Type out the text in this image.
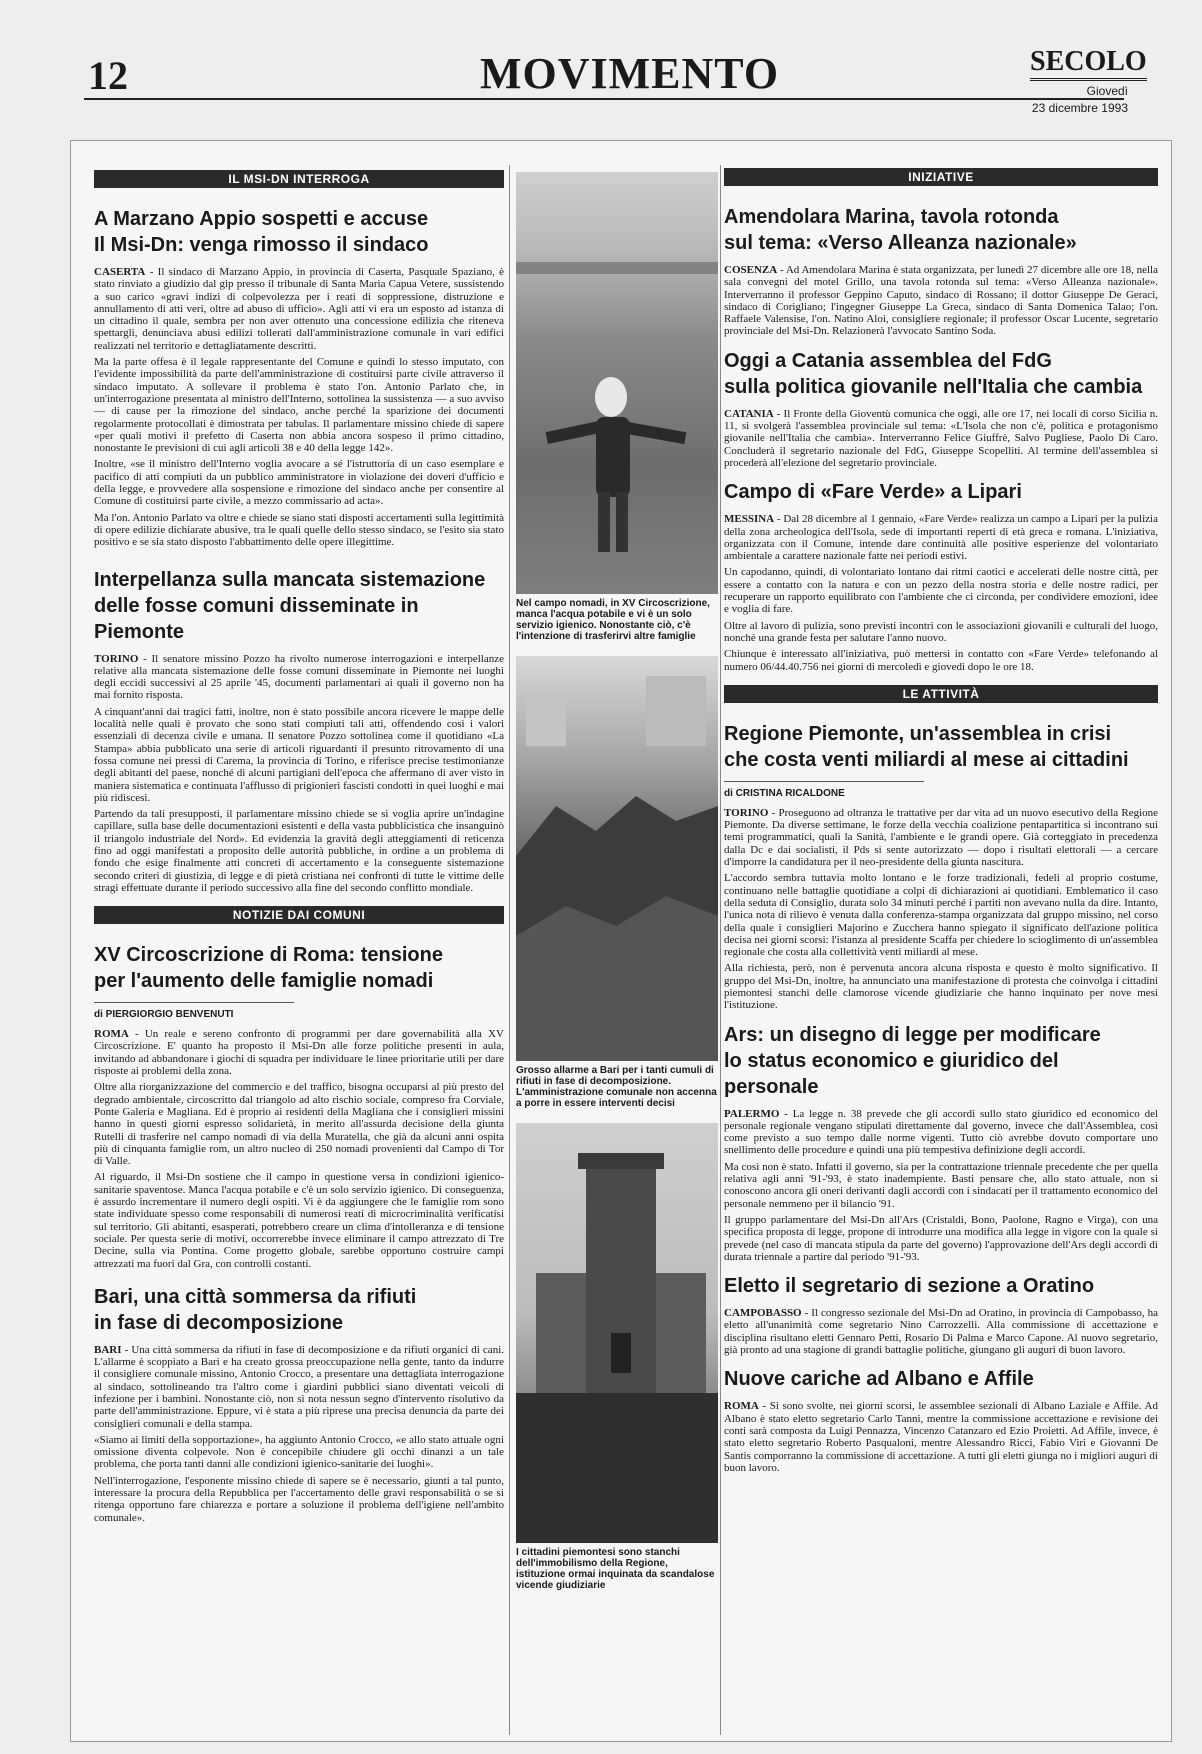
12	MOVIMENTO	SECOLO
Giovedì
23 dicembre 1993
IL MSI-DN INTERROGA
A Marzano Appio sospetti e accuse
Il Msi-Dn: venga rimosso il sindaco

CASERTA - Il sindaco di Marzano Appio, in provincia di Caserta, Pasquale Spaziano, è stato rinviato a giudizio dal gip presso il tribunale di Santa Maria Capua Vetere, sussistendo a suo carico «gravi indizi di colpevolezza per i reati di soppressione, distruzione e annullamento di atti veri, oltre ad abuso di ufficio». Agli atti vi era un esposto ad istanza di un cittadino il quale, sembra per non aver ottenuto una concessione edilizia che riteneva spettargli, denunciava abusi edilizi tollerati dall'amministrazione comunale in vari edifici realizzati nel territorio e dettagliatamente descritti.

Ma la parte offesa è il legale rappresentante del Comune e quindi lo stesso imputato, con l'evidente impossibilità da parte dell'amministrazione di costituirsi parte civile attraverso il sindaco imputato. A sollevare il problema è stato l'on. Antonio Parlato che, in un'interrogazione presentata al ministro dell'Interno, sottolinea la sussistenza — a suo avviso — di cause per la rimozione del sindaco, anche perché la sparizione dei documenti regolarmente protocollati è dimostrata per tabulas. Il parlamentare missino chiede di sapere «per quali motivi il prefetto di Caserta non abbia ancora sospeso il primo cittadino, nonostante le previsioni di cui agli articoli 38 e 40 della legge 142».

Inoltre, «se il ministro dell'Interno voglia avocare a sé l'istruttoria di un caso esemplare e pacifico di atti compiuti da un pubblico amministratore in violazione dei doveri d'ufficio e della legge, e provvedere alla sospensione e rimozione del sindaco anche per consentire al Comune di costituirsi parte civile, a mezzo commissario ad acta».

Ma l'on. Antonio Parlato va oltre e chiede se siano stati disposti accertamenti sulla legittimità di opere edilizie dichiarate abusive, tra le quali quelle dello stesso sindaco, se l'esito sia stato positivo e se sia stato disposto l'abbattimento delle opere illegittime.

Interpellanza sulla mancata sistemazione
delle fosse comuni disseminate in Piemonte

TORINO - Il senatore missino Pozzo ha rivolto numerose interrogazioni e interpellanze relative alla mancata sistemazione delle fosse comuni disseminate in Piemonte nei luoghi degli eccidi successivi al 25 aprile '45, documenti parlamentari ai quali il governo non ha mai fornito risposta.

A cinquant'anni dai tragici fatti, inoltre, non è stato possibile ancora ricevere le mappe delle località nelle quali è provato che sono stati compiuti tali atti, offendendo così i valori essenziali di decenza civile e umana. Il senatore Pozzo sottolinea come il quotidiano «La Stampa» abbia pubblicato una serie di articoli riguardanti il presunto ritrovamento di una fossa comune nei pressi di Carema, la provincia di Torino, e riferisce precise testimonianze degli abitanti del paese, nonché di alcuni partigiani dell'epoca che affermano di aver visto in maniera sistematica e continuata l'afflusso di prigionieri fascisti condotti in quei luoghi e mai più ridiscesi.

Partendo da tali presupposti, il parlamentare missino chiede se si voglia aprire un'indagine capillare, sulla base delle documentazioni esistenti e della vasta pubblicistica che insanguinò il triangolo industriale del Nord». Ed evidenzia la gravità degli atteggiamenti di reticenza fino ad oggi manifestati a proposito delle autorità pubbliche, in ordine a un problema di fondo che esige finalmente atti concreti di accertamento e la conseguente sistemazione secondo criteri di giustizia, di legge e di pietà cristiana nei confronti di tutte le vittime delle stragi effettuate durante il periodo successivo alla fine del secondo conflitto mondiale.

NOTIZIE DAI COMUNI
XV Circoscrizione di Roma: tensione
per l'aumento delle famiglie nomadi
di PIERGIORGIO BENVENUTI

ROMA - Un reale e sereno confronto di programmi per dare governabilità alla XV Circoscrizione. E' quanto ha proposto il Msi-Dn alle forze politiche presenti in aula, invitando ad abbandonare i giochi di squadra per individuare le linee prioritarie utili per dare risposte ai problemi della zona.

Oltre alla riorganizzazione del commercio e del traffico, bisogna occuparsi al più presto del degrado ambientale, circoscritto dal triangolo ad alto rischio sociale, compreso fra Corviale, Ponte Galeria e Magliana. Ed è proprio ai residenti della Magliana che i consiglieri missini hanno in questi giorni espresso solidarietà, in merito all'assurda decisione della giunta Rutelli di trasferire nel campo nomadi di via della Muratella, che già da alcuni anni ospita più di cinquanta famiglie rom, un altro nucleo di 250 nomadi provenienti dal Campo di Tor di Valle.

Al riguardo, il Msi-Dn sostiene che il campo in questione versa in condizioni igienico-sanitarie spaventose. Manca l'acqua potabile e c'è un solo servizio igienico. Di conseguenza, è assurdo incrementare il numero degli ospiti. Vi è da aggiungere che le famiglie rom sono state individuate spesso come responsabili di numerosi reati di microcriminalità verificatisi sul territorio. Gli abitanti, esasperati, potrebbero creare un clima d'intolleranza e di tensione sociale. Per questa serie di motivi, occorrerebbe invece eliminare il campo attrezzato di Tre Decine, sulla via Pontina. Come progetto globale, sarebbe opportuno costruire campi attrezzati ma fuori dal Gra, con controlli costanti.

Bari, una città sommersa da rifiuti
in fase di decomposizione

BARI - Una città sommersa da rifiuti in fase di decomposizione e da rifiuti organici di cani. L'allarme è scoppiato a Bari e ha creato grossa preoccupazione nella gente, tanto da indurre il consigliere comunale missino, Antonio Crocco, a presentare una dettagliata interrogazione al sindaco, sottolineando tra l'altro come i giardini pubblici siano diventati veicoli di infezione per i bambini. Nonostante ciò, non si nota nessun segno d'intervento risolutivo da parte dell'amministrazione. Eppure, vi è stata a più riprese una precisa denuncia da parte dei consiglieri comunali e della stampa.

«Siamo ai limiti della sopportazione», ha aggiunto Antonio Crocco, «e allo stato attuale ogni omissione diventa colpevole. Non è concepibile chiudere gli occhi dinanzi a un tale problema, che porta tanti danni alle condizioni igienico-sanitarie dei luoghi».

Nell'interrogazione, l'esponente missino chiede di sapere se è necessario, giunti a tal punto, interessare la procura della Repubblica per l'accertamento delle gravi responsabilità o se si ritenga opportuno fare chiarezza e portare a soluzione il problema dell'igiene nell'ambito comunale».

Nel campo nomadi, in XV Circoscrizione, manca l'acqua potabile e vi è un solo servizio igienico. Nonostante ciò, c'è l'intenzione di trasferirvi altre famiglie
Grosso allarme a Bari per i tanti cumuli di rifiuti in fase di decomposizione. L'amministrazione comunale non accenna a porre in essere interventi decisi
I cittadini piemontesi sono stanchi dell'immobilismo della Regione, istituzione ormai inquinata da scandalose vicende giudiziarie
INIZIATIVE
Amendolara Marina, tavola rotonda
sul tema: «Verso Alleanza nazionale»

COSENZA - Ad Amendolara Marina è stata organizzata, per lunedì 27 dicembre alle ore 18, nella sala convegni del motel Grillo, una tavola rotonda sul tema: «Verso Alleanza nazionale». Interverranno il professor Geppino Caputo, sindaco di Rossano; il dottor Giuseppe De Geraci, sindaco di Corigliano; l'ingegner Giuseppe La Greca, sindaco di Santa Domenica Talao; l'on. Raffaele Valensise, l'on. Natino Aloi, consigliere regionale; il professor Oscar Lucente, segretario provinciale del Msi-Dn. Relazionerà l'avvocato Santino Soda.

Oggi a Catania assemblea del FdG
sulla politica giovanile nell'Italia che cambia

CATANIA - Il Fronte della Gioventù comunica che oggi, alle ore 17, nei locali di corso Sicilia n. 11, si svolgerà l'assemblea provinciale sul tema: «L'Isola che non c'è, politica e protagonismo giovanile nell'Italia che cambia». Interverranno Felice Giuffrè, Salvo Pugliese, Paolo Di Caro. Concluderà il segretario nazionale del FdG, Giuseppe Scopelliti. Al termine dell'assemblea si procederà all'elezione del segretario provinciale.

Campo di «Fare Verde» a Lipari

MESSINA - Dal 28 dicembre al 1 gennaio, «Fare Verde» realizza un campo a Lipari per la pulizia della zona archeologica dell'Isola, sede di importanti reperti di età greca e romana. L'iniziativa, organizzata con il Comune, intende dare continuità alle positive esperienze del volontariato ambientale a carattere nazionale fatte nei periodi estivi.

Un capodanno, quindi, di volontariato lontano dai ritmi caotici e accelerati delle nostre città, per essere a contatto con la natura e con un pezzo della nostra storia e delle nostre radici, per recuperare un rapporto equilibrato con l'ambiente che ci circonda, per condividere emozioni, idee e voglia di fare.

Oltre al lavoro di pulizia, sono previsti incontri con le associazioni giovanili e culturali del luogo, nonché una grande festa per salutare l'anno nuovo.

Chiunque è interessato all'iniziativa, può mettersi in contatto con «Fare Verde» telefonando al numero 06/44.40.756 nei giorni di mercoledì e giovedì dopo le ore 18.

LE ATTIVITÀ
Regione Piemonte, un'assemblea in crisi
che costa venti miliardi al mese ai cittadini
di CRISTINA RICALDONE

TORINO - Proseguono ad oltranza le trattative per dar vita ad un nuovo esecutivo della Regione Piemonte. Da diverse settimane, le forze della vecchia coalizione pentapartitica si incontrano sui temi programmatici, quali la Sanità, l'ambiente e le grandi opere. Già corteggiato in precedenza dalla Dc e dai socialisti, il Pds si sente autorizzato — dopo i risultati elettorali — a cercare d'imporre la candidatura per il neo-presidente della giunta nascitura.

L'accordo sembra tuttavia molto lontano e le forze tradizionali, fedeli al proprio costume, continuano nelle battaglie quotidiane a colpi di dichiarazioni ai quotidiani. Emblematico il caso della seduta di Consiglio, durata solo 34 minuti perché i partiti non avevano nulla da dire. Intanto, l'unica nota di rilievo è venuta dalla conferenza-stampa organizzata dal gruppo missino, nel corso della quale i consiglieri Majorino e Zucchera hanno spiegato il significato dell'azione politica decisa nei giorni scorsi: l'istanza al presidente Scaffa per chiedere lo scioglimento di un'assemblea regionale che costa alla collettività venti miliardi al mese.

Alla richiesta, però, non è pervenuta ancora alcuna risposta e questo è molto significativo. Il gruppo del Msi-Dn, inoltre, ha annunciato una manifestazione di protesta che coinvolga i cittadini piemontesi stanchi delle clamorose vicende giudiziarie che hanno inquinato per nove mesi l'istituzione.

Ars: un disegno di legge per modificare
lo status economico e giuridico del personale

PALERMO - La legge n. 38 prevede che gli accordi sullo stato giuridico ed economico del personale regionale vengano stipulati direttamente dal governo, invece che dall'Assemblea, così come previsto a suo tempo dalle norme vigenti. Tutto ciò avrebbe dovuto comportare uno snellimento delle procedure e quindi una più tempestiva definizione degli accordi.

Ma così non è stato. Infatti il governo, sia per la contrattazione triennale precedente che per quella relativa agli anni '91-'93, è stato inadempiente. Basti pensare che, allo stato attuale, non si conoscono ancora gli oneri derivanti dagli accordi con i sindacati per il trattamento economico del personale nemmeno per il bilancio '91.

Il gruppo parlamentare del Msi-Dn all'Ars (Cristaldi, Bono, Paolone, Ragno e Virga), con una specifica proposta di legge, propone di introdurre una modifica alla legge in vigore con la quale si prevede (nel caso di mancata stipula da parte del governo) l'approvazione dell'Ars degli accordi di durata triennale a partire dal periodo '91-'93.

Eletto il segretario di sezione a Oratino

CAMPOBASSO - Il congresso sezionale del Msi-Dn ad Oratino, in provincia di Campobasso, ha eletto all'unanimità come segretario Nino Carrozzelli. Alla commissione di accettazione e disciplina risultano eletti Gennaro Petti, Rosario Di Palma e Marco Capone. Al nuovo segretario, già pronto ad una stagione di grandi battaglie politiche, giungano gli auguri di buon lavoro.

Nuove cariche ad Albano e Affile

ROMA - Si sono svolte, nei giorni scorsi, le assemblee sezionali di Albano Laziale e Affile. Ad Albano è stato eletto segretario Carlo Tanni, mentre la commissione accettazione e revisione dei conti sarà composta da Luigi Pennazza, Vincenzo Catanzaro ed Ezio Proietti. Ad Affile, invece, è stato eletto segretario Roberto Pasqualoni, mentre Alessandro Ricci, Fabio Viri e Giovanni De Santis comporranno la commissione di accettazione. A tutti gli eletti giunga no i migliori auguri di buon lavoro.
